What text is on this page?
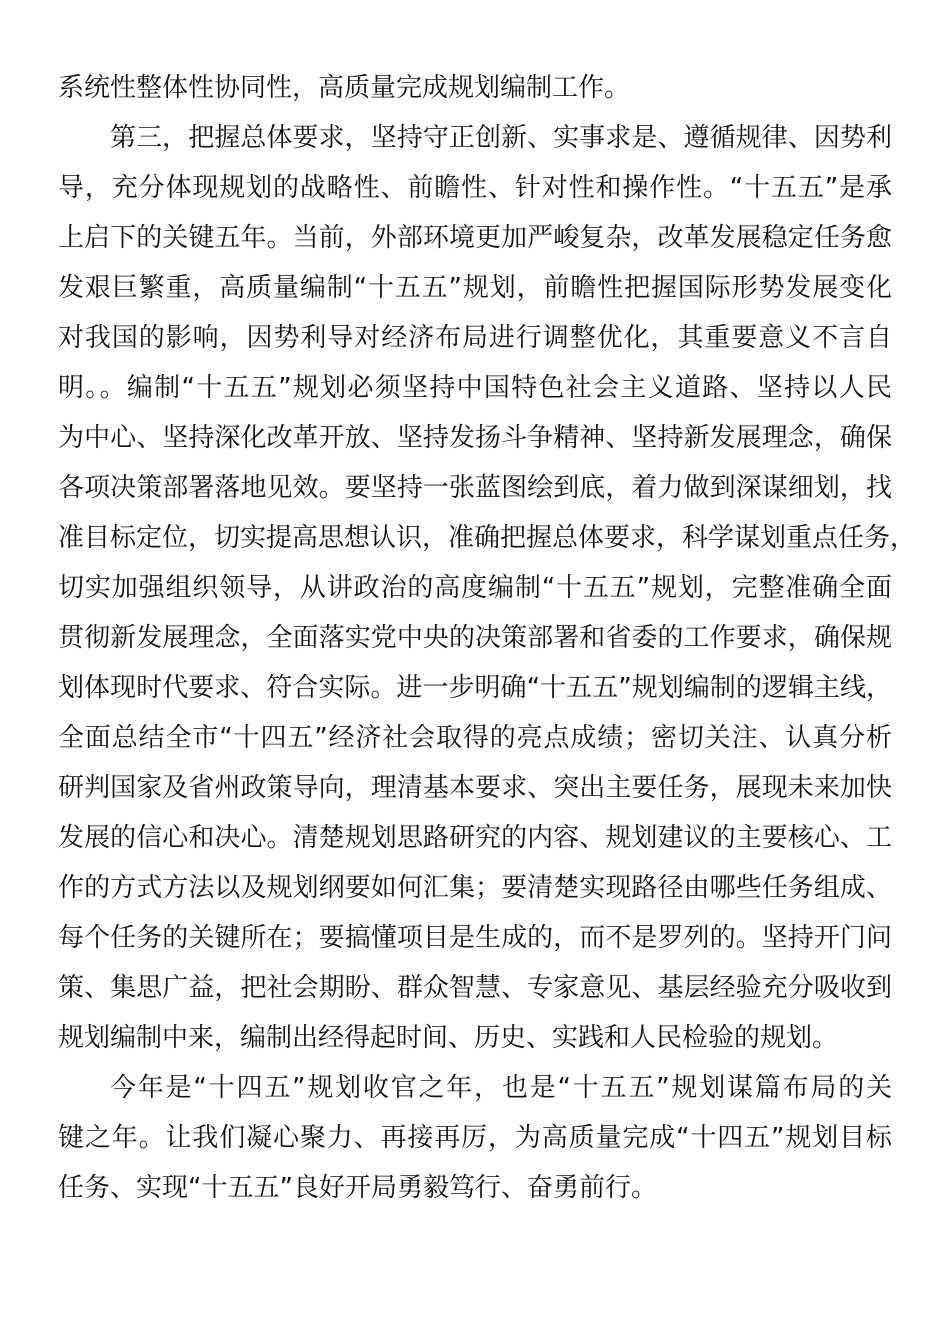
系统性整体性协同性，高质量完成规划编制工作。
第三，把握总体要求，坚持守正创新、实事求是、遵循规律、因势利
导，充分体现规划的战略性、前瞻性、针对性和操作性。“十五五”是承
上启下的关键五年。当前，外部环境更加严峻复杂，改革发展稳定任务愈
发艰巨繁重，高质量编制“十五五”规划，前瞻性把握国际形势发展变化
对我国的影响，因势利导对经济布局进行调整优化，其重要意义不言自
明。。编制“十五五”规划必须坚持中国特色社会主义道路、坚持以人民
为中心、坚持深化改革开放、坚持发扬斗争精神、坚持新发展理念，确保
各项决策部署落地见效。要坚持一张蓝图绘到底，着力做到深谋细划，找
准目标定位，切实提高思想认识，准确把握总体要求，科学谋划重点任务，
切实加强组织领导，从讲政治的高度编制“十五五”规划，完整准确全面
贯彻新发展理念，全面落实党中央的决策部署和省委的工作要求，确保规
划体现时代要求、符合实际。进一步明确“十五五”规划编制的逻辑主线，
全面总结全市“十四五”经济社会取得的亮点成绩；密切关注、认真分析
研判国家及省州政策导向，理清基本要求、突出主要任务，展现未来加快
发展的信心和决心。清楚规划思路研究的内容、规划建议的主要核心、工
作的方式方法以及规划纲要如何汇集；要清楚实现路径由哪些任务组成、
每个任务的关键所在；要搞懂项目是生成的，而不是罗列的。坚持开门问
策、集思广益，把社会期盼、群众智慧、专家意见、基层经验充分吸收到
规划编制中来，编制出经得起时间、历史、实践和人民检验的规划。
今年是“十四五”规划收官之年，也是“十五五”规划谋篇布局的关
键之年。让我们凝心聚力、再接再厉，为高质量完成“十四五”规划目标
任务、实现“十五五”良好开局勇毅笃行、奋勇前行。
